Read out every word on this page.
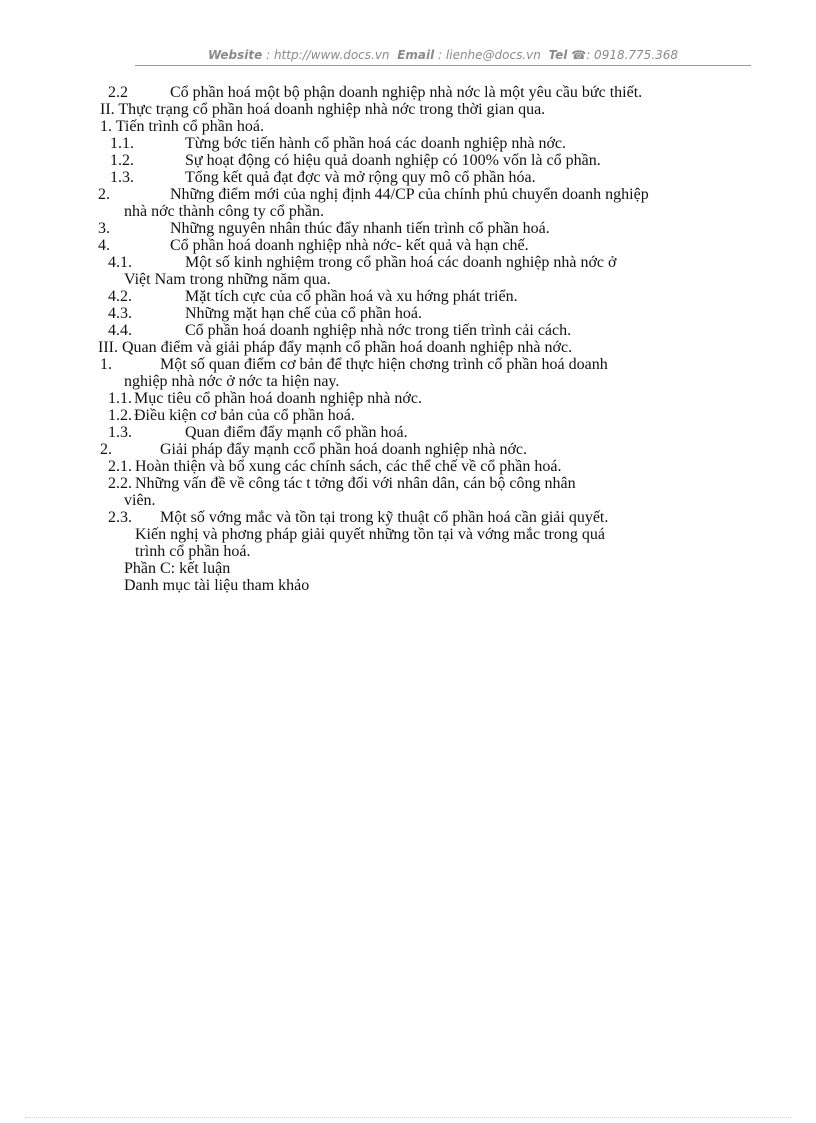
Website : http://www.docs.vn Email : lienhe@docs.vn Tel ☎: 0918.775.368
2.2	Cổ phần hoá một bộ phận doanh nghiệp nhà nớc là một yêu cầu bức thiết.
II. Thực trạng cổ phần hoá doanh nghiệp nhà nớc trong thời gian qua.
1. Tiến trình cổ phần hoá.
1.1.	Từng bớc tiến hành cổ phần hoá các doanh nghiệp nhà nớc.
1.2.	Sự hoạt động có hiệu quả doanh nghiệp có 100% vốn là cổ phần.
1.3.	Tổng kết quả đạt đợc và mở rộng quy mô cổ phần hóa.
2.	Những điểm mới của nghị định 44/CP của chính phủ chuyển doanh nghiệp
nhà nớc thành công ty cổ phần.
3.	Những nguyên nhân thúc đẩy nhanh tiến trình cổ phần hoá.
4.	Cổ phần hoá doanh nghiệp nhà nớc- kết quả và hạn chế.
4.1.	Một số kinh nghiệm trong cổ phần hoá các doanh nghiệp nhà nớc ở
Việt Nam trong những năm qua.
4.2.	Mặt tích cực của cổ phần hoá và xu hớng phát triển.
4.3.	Những mặt hạn chế của cổ phần hoá.
4.4.	Cổ phần hoá doanh nghiệp nhà nớc trong tiến trình cải cách.
III. Quan điểm và giải pháp đẩy mạnh cổ phần hoá doanh nghiệp nhà nớc.
1.	Một số quan điểm cơ bản để thực hiện chơng trình cổ phần hoá doanh
nghiệp nhà nớc ở nớc ta hiện nay.
1.1. Mục tiêu cổ phần hoá doanh nghiệp nhà nớc.
1.2. Điều kiện cơ bản của cổ phần hoá.
1.3.	Quan điểm đẩy mạnh cổ phần hoá.
2.	Giải pháp đẩy mạnh ccổ phần hoá doanh nghiệp nhà nớc.
2.1. Hoàn thiện và bổ xung các chính sách, các thể chế về cổ phần hoá.
2.2. Những vấn đề về công tác t tởng đối với nhân dân, cán bộ công nhân
viên.
2.3. Một số vớng mắc và tồn tại trong kỹ thuật cổ phần hoá cần giải quyết.
Kiến nghị và phơng pháp giải quyết những tồn tại và vớng mắc trong quá
trình cổ phần hoá.
Phần C: kết luận
Danh mục tài liệu tham khảo
